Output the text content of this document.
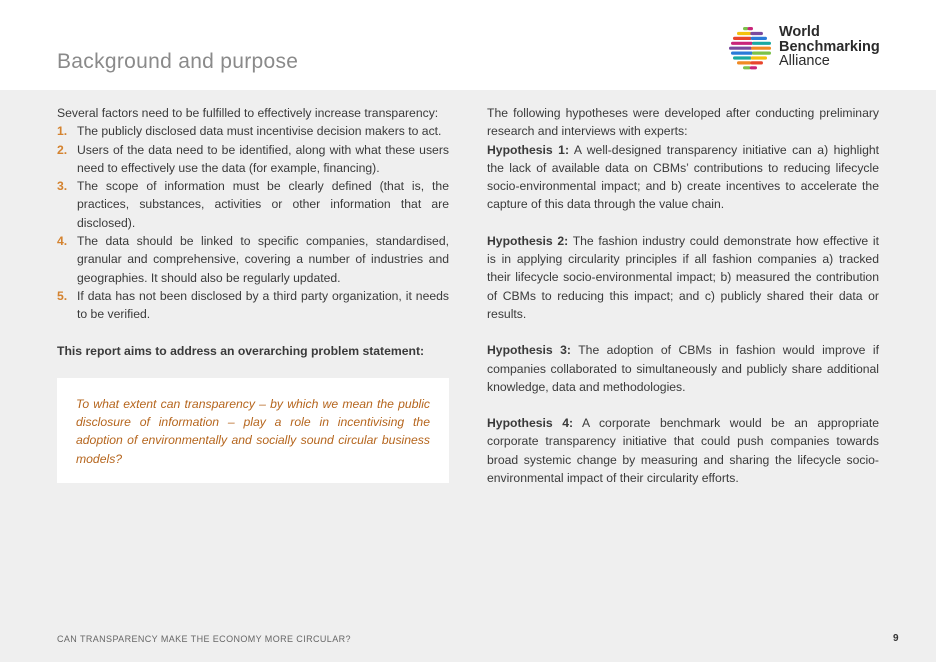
Background and purpose
World
Benchmarking
Alliance

Several factors need to be fulfilled to effectively increase transparency:

1. The publicly disclosed data must incentivise decision makers to act.
2. Users of the data need to be identified, along with what these users need to effectively use the data (for example, financing).
3. The scope of information must be clearly defined (that is, the practices, substances, activities or other information that are disclosed).
4. The data should be linked to specific companies, standardised, granular and comprehensive, covering a number of industries and geographies. It should also be regularly updated.
5. If data has not been disclosed by a third party organization, it needs to be verified.

This report aims to address an overarching problem statement:

To what extent can transparency – by which we mean the public disclosure of information – play a role in incentivising the adoption of environmentally and socially sound circular business models?

The following hypotheses were developed after conducting preliminary research and interviews with experts:

Hypothesis 1: A well-designed transparency initiative can a) highlight the lack of available data on CBMs’ contributions to reducing lifecycle socio-environmental impact; and b) create incentives to accelerate the capture of this data through the value chain.

Hypothesis 2: The fashion industry could demonstrate how effective it is in applying circularity principles if all fashion companies a) tracked their lifecycle socio-environmental impact; b) measured the contribution of CBMs to reducing this impact; and c) publicly shared their data or results.

Hypothesis 3: The adoption of CBMs in fashion would improve if companies collaborated to simultaneously and publicly share additional knowledge, data and methodologies.

Hypothesis 4: A corporate benchmark would be an appropriate corporate transparency initiative that could push companies towards broad systemic change by measuring and sharing the lifecycle socio-environmental impact of their circularity efforts.

CAN TRANSPARENCY MAKE THE ECONOMY MORE CIRCULAR?	9
